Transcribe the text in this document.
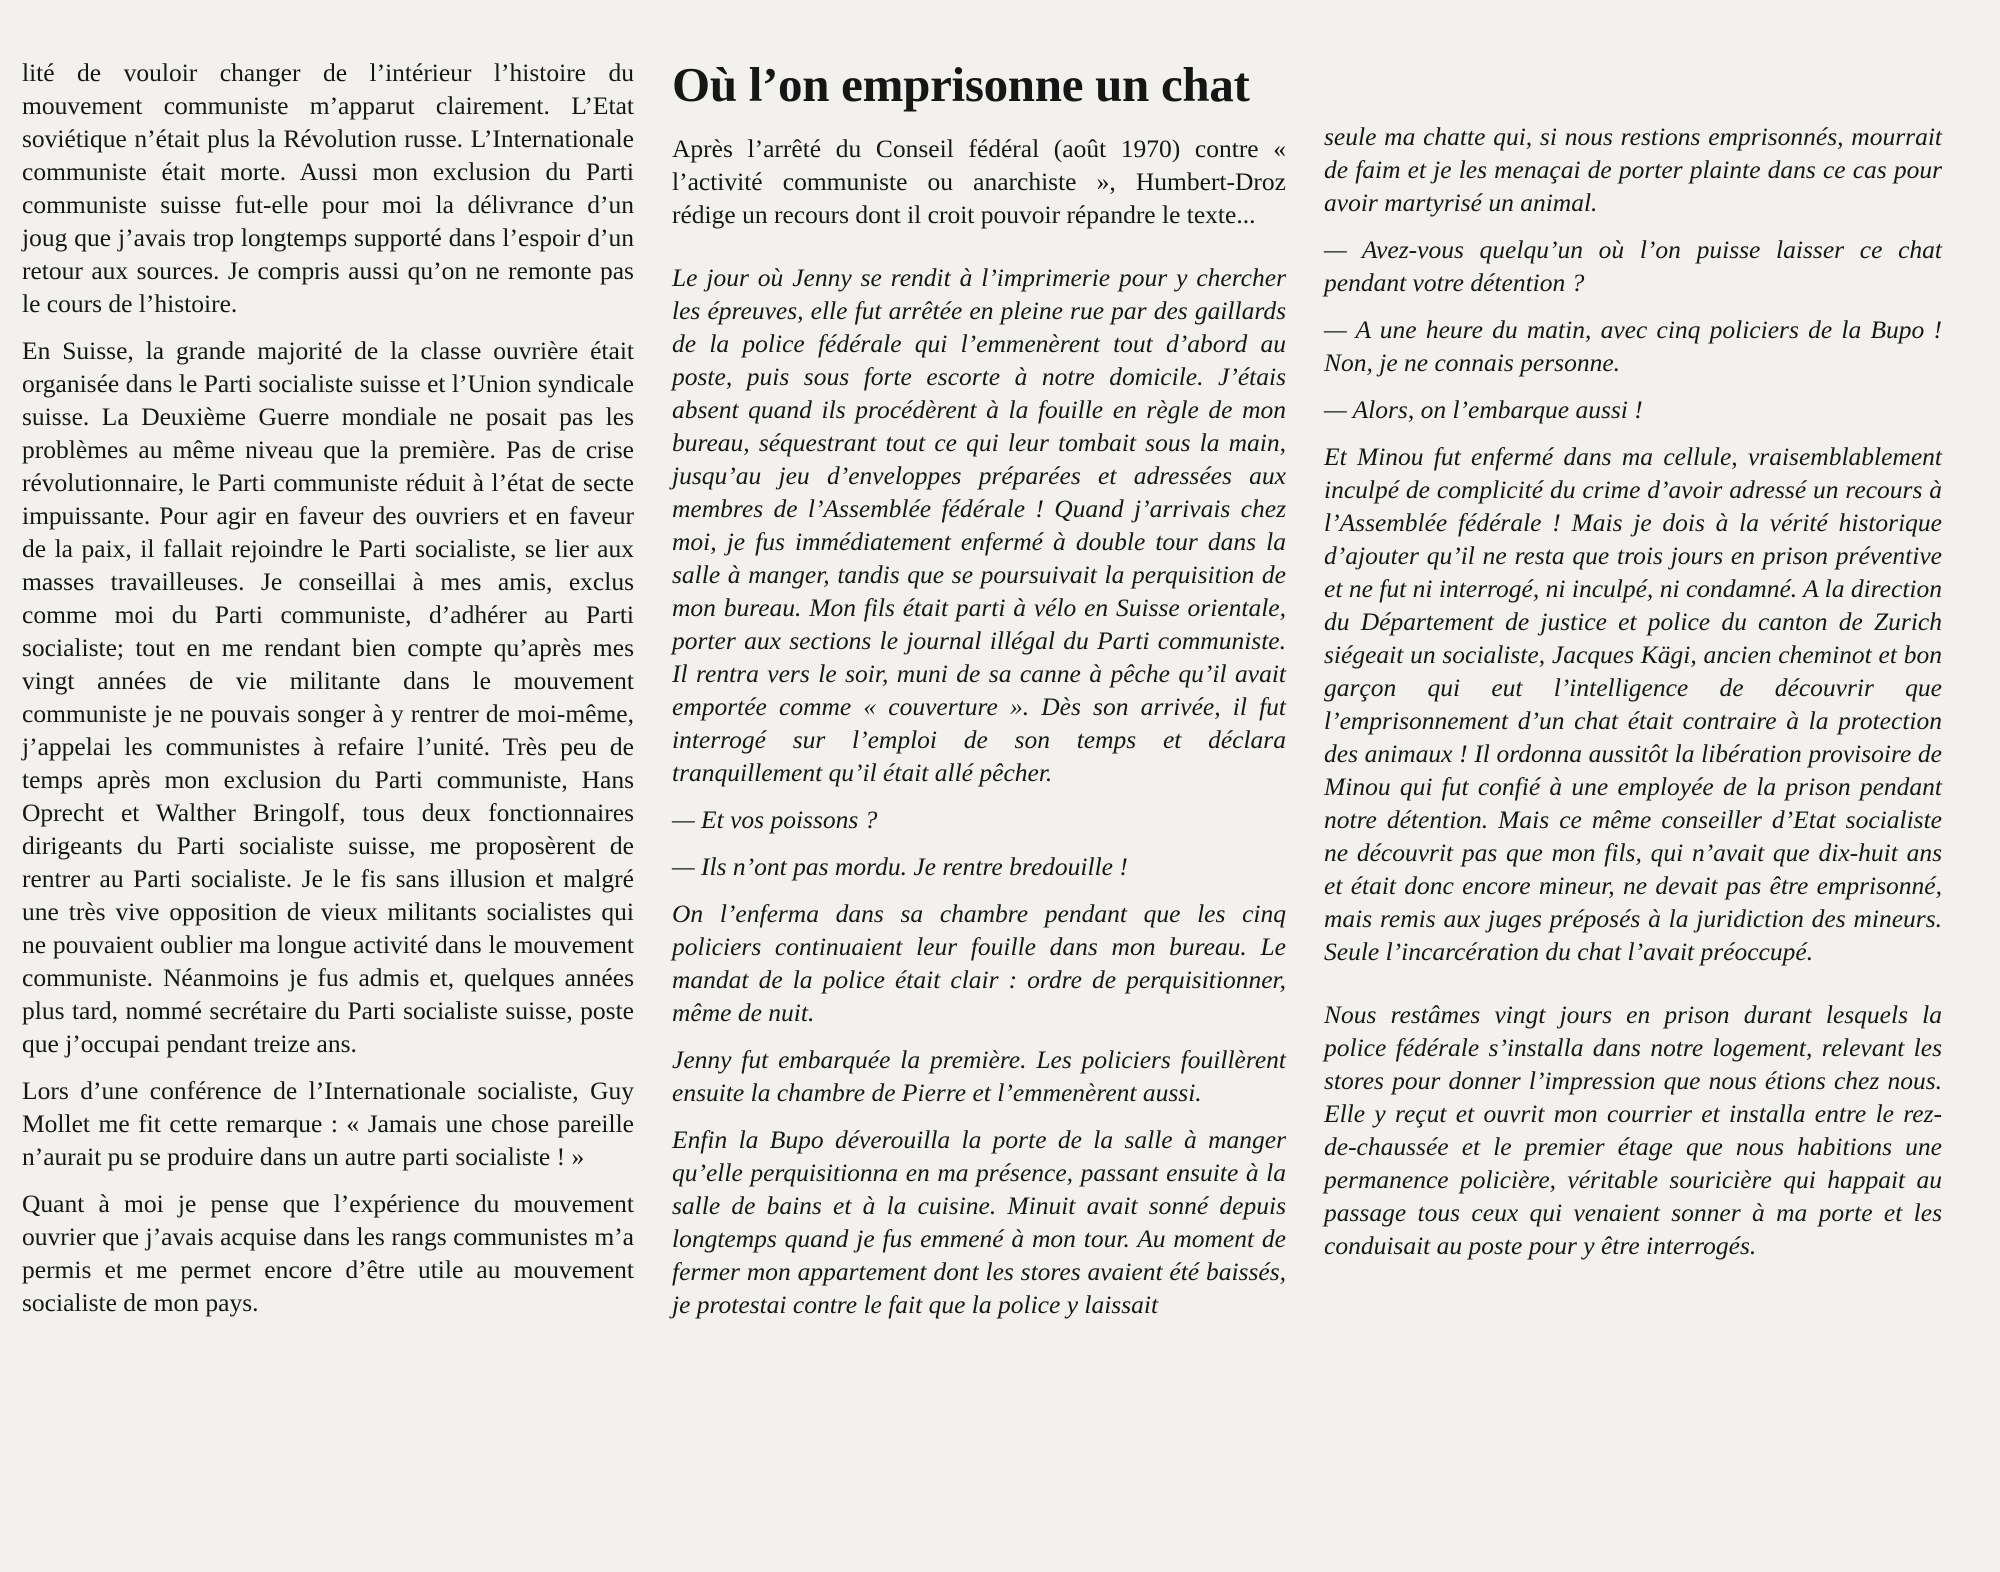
lité de vouloir changer de l’intérieur l’histoire du mouvement communiste m’apparut clairement. L’Etat soviétique n’était plus la Révolution russe. L’Internationale communiste était morte. Aussi mon exclusion du Parti communiste suisse fut-elle pour moi la délivrance d’un joug que j’avais trop longtemps supporté dans l’espoir d’un retour aux sources. Je compris aussi qu’on ne remonte pas le cours de l’histoire.

En Suisse, la grande majorité de la classe ouvrière était organisée dans le Parti socialiste suisse et l’Union syndicale suisse. La Deuxième Guerre mondiale ne posait pas les problèmes au même niveau que la première. Pas de crise révolutionnaire, le Parti communiste réduit à l’état de secte impuissante. Pour agir en faveur des ouvriers et en faveur de la paix, il fallait rejoindre le Parti socialiste, se lier aux masses travailleuses. Je conseillai à mes amis, exclus comme moi du Parti communiste, d’adhérer au Parti socialiste; tout en me rendant bien compte qu’après mes vingt années de vie militante dans le mouvement communiste je ne pouvais songer à y rentrer de moi-même, j’appelai les communistes à refaire l’unité. Très peu de temps après mon exclusion du Parti communiste, Hans Oprecht et Walther Bringolf, tous deux fonctionnaires dirigeants du Parti socialiste suisse, me proposèrent de rentrer au Parti socialiste. Je le fis sans illusion et malgré une très vive opposition de vieux militants socialistes qui ne pouvaient oublier ma longue activité dans le mouvement communiste. Néanmoins je fus admis et, quelques années plus tard, nommé secrétaire du Parti socialiste suisse, poste que j’occupai pendant treize ans.

Lors d’une conférence de l’Internationale socialiste, Guy Mollet me fit cette remarque : « Jamais une chose pareille n’aurait pu se produire dans un autre parti socialiste ! »

Quant à moi je pense que l’expérience du mouvement ouvrier que j’avais acquise dans les rangs communistes m’a permis et me permet encore d’être utile au mouvement socialiste de mon pays.

Où l’on emprisonne un chat

Après l’arrêté du Conseil fédéral (août 1970) contre « l’activité communiste ou anarchiste », Humbert-Droz rédige un recours dont il croit pouvoir répandre le texte...

Le jour où Jenny se rendit à l’imprimerie pour y chercher les épreuves, elle fut arrêtée en pleine rue par des gaillards de la police fédérale qui l’emmenèrent tout d’abord au poste, puis sous forte escorte à notre domicile. J’étais absent quand ils procédèrent à la fouille en règle de mon bureau, séquestrant tout ce qui leur tombait sous la main, jusqu’au jeu d’enveloppes préparées et adressées aux membres de l’Assemblée fédérale ! Quand j’arrivais chez moi, je fus immédiatement enfermé à double tour dans la salle à manger, tandis que se poursuivait la perquisition de mon bureau. Mon fils était parti à vélo en Suisse orientale, porter aux sections le journal illégal du Parti communiste. Il rentra vers le soir, muni de sa canne à pêche qu’il avait emportée comme « couverture ». Dès son arrivée, il fut interrogé sur l’emploi de son temps et déclara tranquillement qu’il était allé pêcher.

— Et vos poissons ?

— Ils n’ont pas mordu. Je rentre bredouille !

On l’enferma dans sa chambre pendant que les cinq policiers continuaient leur fouille dans mon bureau. Le mandat de la police était clair : ordre de perquisitionner, même de nuit.

Jenny fut embarquée la première. Les policiers fouillèrent ensuite la chambre de Pierre et l’emmenèrent aussi.

Enfin la Bupo déverouilla la porte de la salle à manger qu’elle perquisitionna en ma présence, passant ensuite à la salle de bains et à la cuisine. Minuit avait sonné depuis longtemps quand je fus emmené à mon tour. Au moment de fermer mon appartement dont les stores avaient été baissés, je protestai contre le fait que la police y laissait

seule ma chatte qui, si nous restions emprisonnés, mourrait de faim et je les menaçai de porter plainte dans ce cas pour avoir martyrisé un animal.

— Avez-vous quelqu’un où l’on puisse laisser ce chat pendant votre détention ?

— A une heure du matin, avec cinq policiers de la Bupo ! Non, je ne connais personne.

— Alors, on l’embarque aussi !

Et Minou fut enfermé dans ma cellule, vraisemblablement inculpé de complicité du crime d’avoir adressé un recours à l’Assemblée fédérale ! Mais je dois à la vérité historique d’ajouter qu’il ne resta que trois jours en prison préventive et ne fut ni interrogé, ni inculpé, ni condamné. A la direction du Département de justice et police du canton de Zurich siégeait un socialiste, Jacques Kägi, ancien cheminot et bon garçon qui eut l’intelligence de découvrir que l’emprisonnement d’un chat était contraire à la protection des animaux ! Il ordonna aussitôt la libération provisoire de Minou qui fut confié à une employée de la prison pendant notre détention. Mais ce même conseiller d’Etat socialiste ne découvrit pas que mon fils, qui n’avait que dix-huit ans et était donc encore mineur, ne devait pas être emprisonné, mais remis aux juges préposés à la juridiction des mineurs. Seule l’incarcération du chat l’avait préoccupé.

Nous restâmes vingt jours en prison durant lesquels la police fédérale s’installa dans notre logement, relevant les stores pour donner l’impression que nous étions chez nous. Elle y reçut et ouvrit mon courrier et installa entre le rez-de-chaussée et le premier étage que nous habitions une permanence policière, véritable souricière qui happait au passage tous ceux qui venaient sonner à ma porte et les conduisait au poste pour y être interrogés.
